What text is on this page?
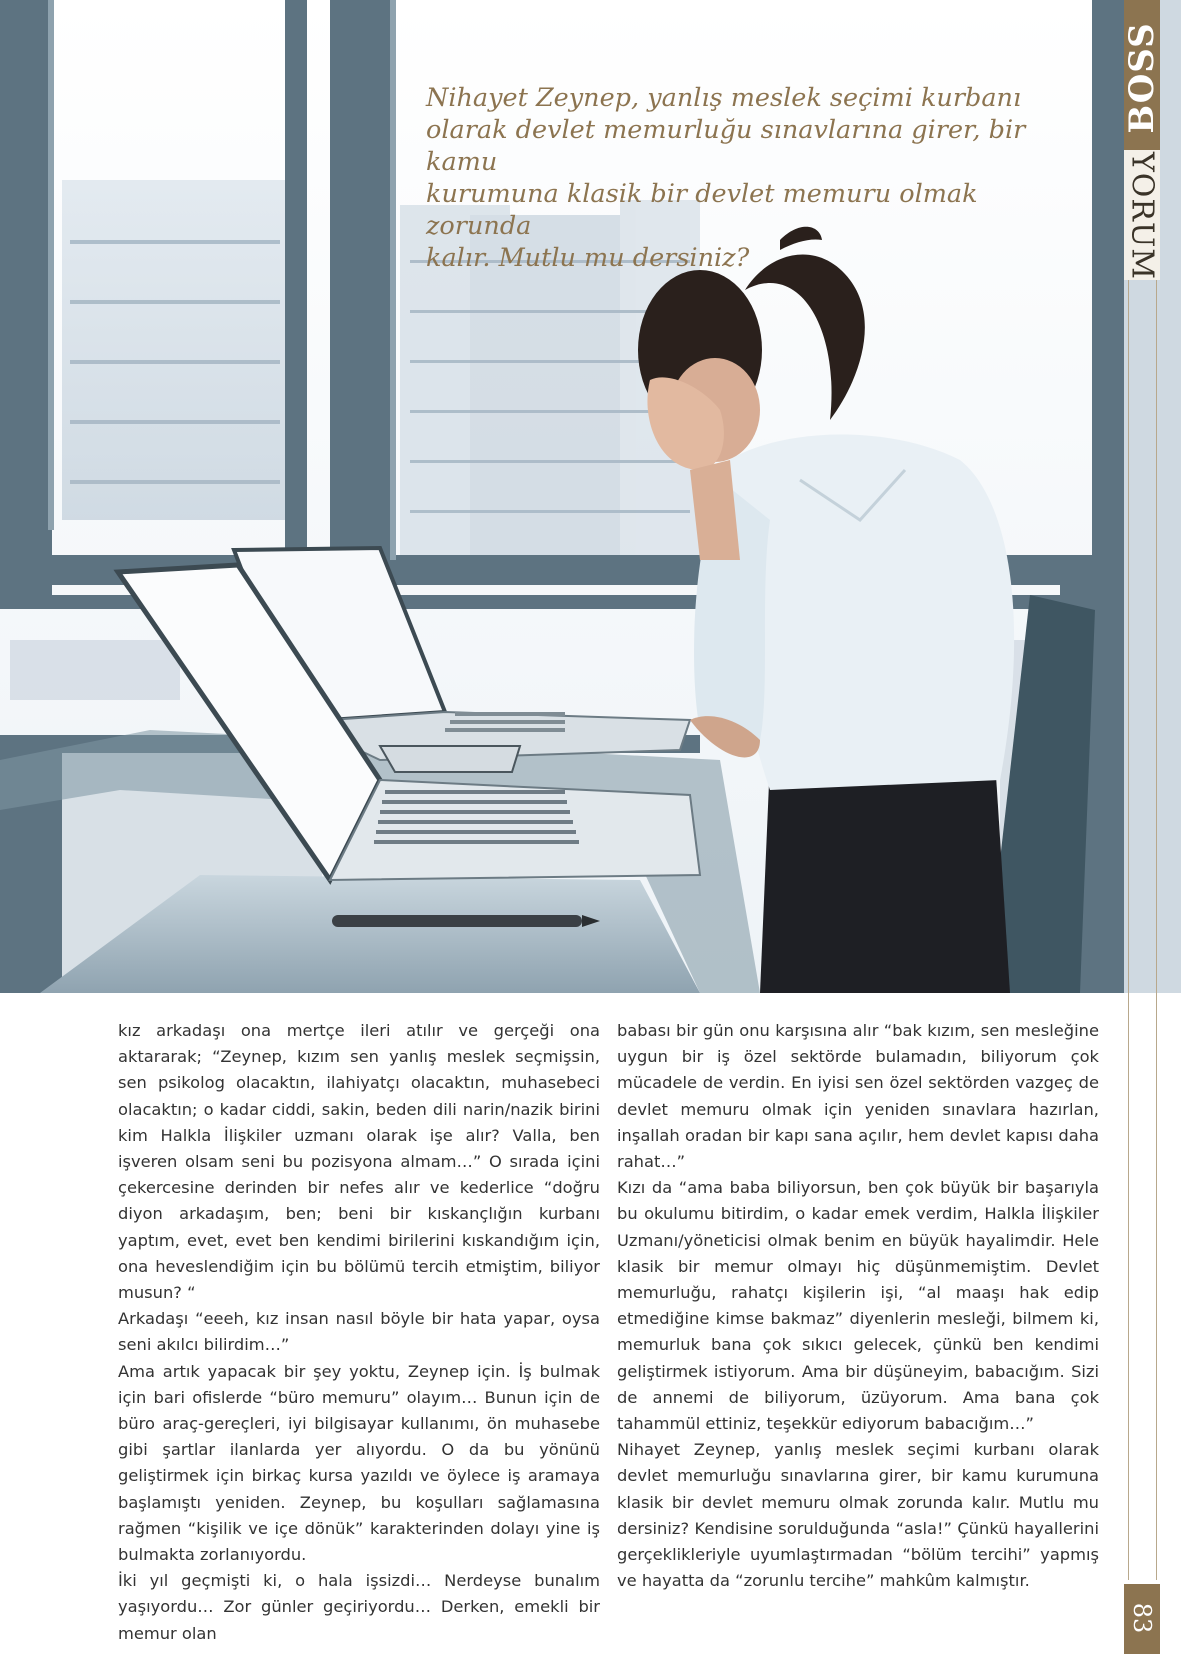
Nihayet Zeynep, yanlış meslek seçimi kurbanı
olarak devlet memurluğu sınavlarına girer, bir kamu
kurumuna klasik bir devlet memuru olmak zorunda
kalır. Mutlu mu dersiniz?

BOSS
YORUM
83

kız arkadaşı ona mertçe ileri atılır ve gerçeği ona aktararak; “Zeynep, kızım sen yanlış meslek seçmişsin, sen psikolog olacaktın, ilahiyatçı olacaktın, muhasebeci olacaktın; o kadar ciddi, sakin, beden dili narin/nazik birini kim Halkla İlişkiler uzmanı olarak işe alır? Valla, ben işveren olsam seni bu pozisyona almam…” O sırada içini çekercesine derinden bir nefes alır ve kederlice “doğru diyon arkadaşım, ben; beni bir kıskançlığın kurbanı yaptım, evet, evet ben kendimi birilerini kıskandığım için, ona heveslendiğim için bu bölümü tercih etmiştim, biliyor musun? “

Arkadaşı “eeeh, kız insan nasıl böyle bir hata yapar, oysa seni akılcı bilirdim…”

Ama artık yapacak bir şey yoktu, Zeynep için. İş bulmak için bari ofislerde “büro memuru” olayım… Bunun için de büro araç-gereçleri, iyi bilgisayar kullanımı, ön muhasebe gibi şartlar ilanlarda yer alıyordu. O da bu yönünü geliştirmek için birkaç kursa yazıldı ve öylece iş aramaya başlamıştı yeniden. Zeynep, bu koşulları sağlamasına rağmen “kişilik ve içe dönük” karakterinden dolayı yine iş bulmakta zorlanıyordu.

İki yıl geçmişti ki, o hala işsizdi… Nerdeyse bunalım yaşıyordu… Zor günler geçiriyordu… Derken, emekli bir memur olan

babası bir gün onu karşısına alır “bak kızım, sen mesleğine uygun bir iş özel sektörde bulamadın, biliyorum çok mücadele de verdin. En iyisi sen özel sektörden vazgeç de devlet memuru olmak için yeniden sınavlara hazırlan, inşallah oradan bir kapı sana açılır, hem devlet kapısı daha rahat…”

Kızı da “ama baba biliyorsun, ben çok büyük bir başarıyla bu okulumu bitirdim, o kadar emek verdim, Halkla İlişkiler Uzmanı/yöneticisi olmak benim en büyük hayalimdir. Hele klasik bir memur olmayı hiç düşünmemiştim. Devlet memurluğu, rahatçı kişilerin işi, “al maaşı hak edip etmediğine kimse bakmaz” diyenlerin mesleği, bilmem ki, memurluk bana çok sıkıcı gelecek, çünkü ben kendimi geliştirmek istiyorum. Ama bir düşüneyim, babacığım. Sizi de annemi de biliyorum, üzüyorum. Ama bana çok tahammül ettiniz, teşekkür ediyorum babacığım…”

Nihayet Zeynep, yanlış meslek seçimi kurbanı olarak devlet memurluğu sınavlarına girer, bir kamu kurumuna klasik bir devlet memuru olmak zorunda kalır. Mutlu mu dersiniz? Kendisine sorulduğunda “asla!” Çünkü hayallerini gerçeklikleriyle uyumlaştırmadan “bölüm tercihi” yapmış ve hayatta da “zorunlu tercihe” mahkûm kalmıştır.
